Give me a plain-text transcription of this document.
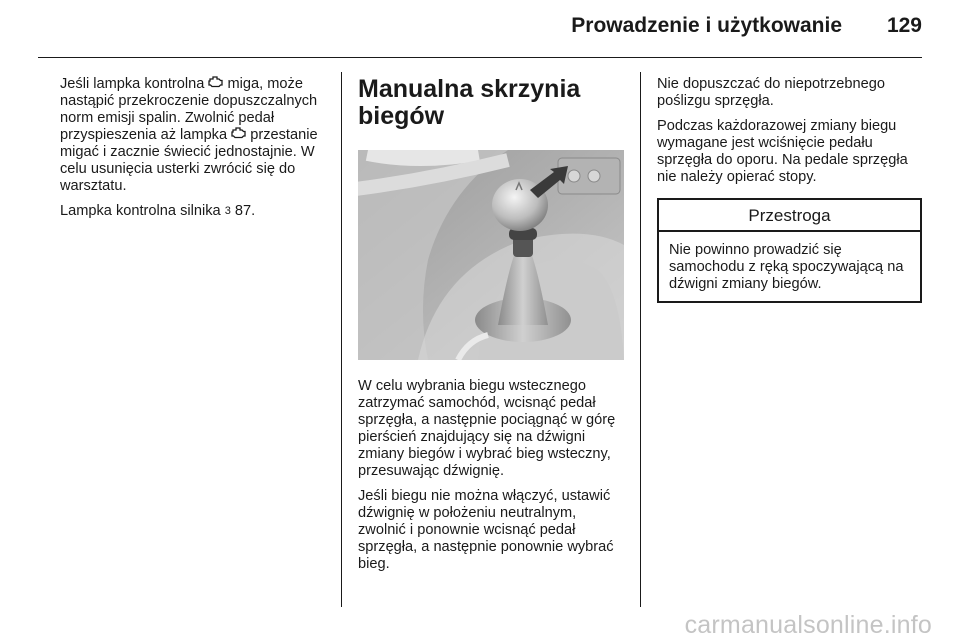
Prowadzenie i użytkowanie 129

Jeśli lampka kontrolna miga, może nastąpić przekroczenie dopuszczalnych norm emisji spalin. Zwolnić pedał przyspieszenia aż lampka przestanie migać i zacznie świecić jednostajnie. W celu usunięcia usterki zwrócić się do warsztatu.

Lampka kontrolna silnika 3 87.

Manualna skrzynia biegów

W celu wybrania biegu wstecznego zatrzymać samochód, wcisnąć pedał sprzęgła, a następnie pociągnąć w górę pierścień znajdujący się na dźwigni zmiany biegów i wybrać bieg wsteczny, przesuwając dźwignię.

Jeśli biegu nie można włączyć, ustawić dźwignię w położeniu neutralnym, zwolnić i ponownie wcisnąć pedał sprzęgła, a następnie ponownie wybrać bieg.

Nie dopuszczać do niepotrzebnego poślizgu sprzęgła.

Podczas każdorazowej zmiany biegu wymagane jest wciśnięcie pedału sprzęgła do oporu. Na pedale sprzęgła nie należy opierać stopy.

Przestroga
Nie powinno prowadzić się samochodu z ręką spoczywającą na dźwigni zmiany biegów.
carmanualsonline.info
